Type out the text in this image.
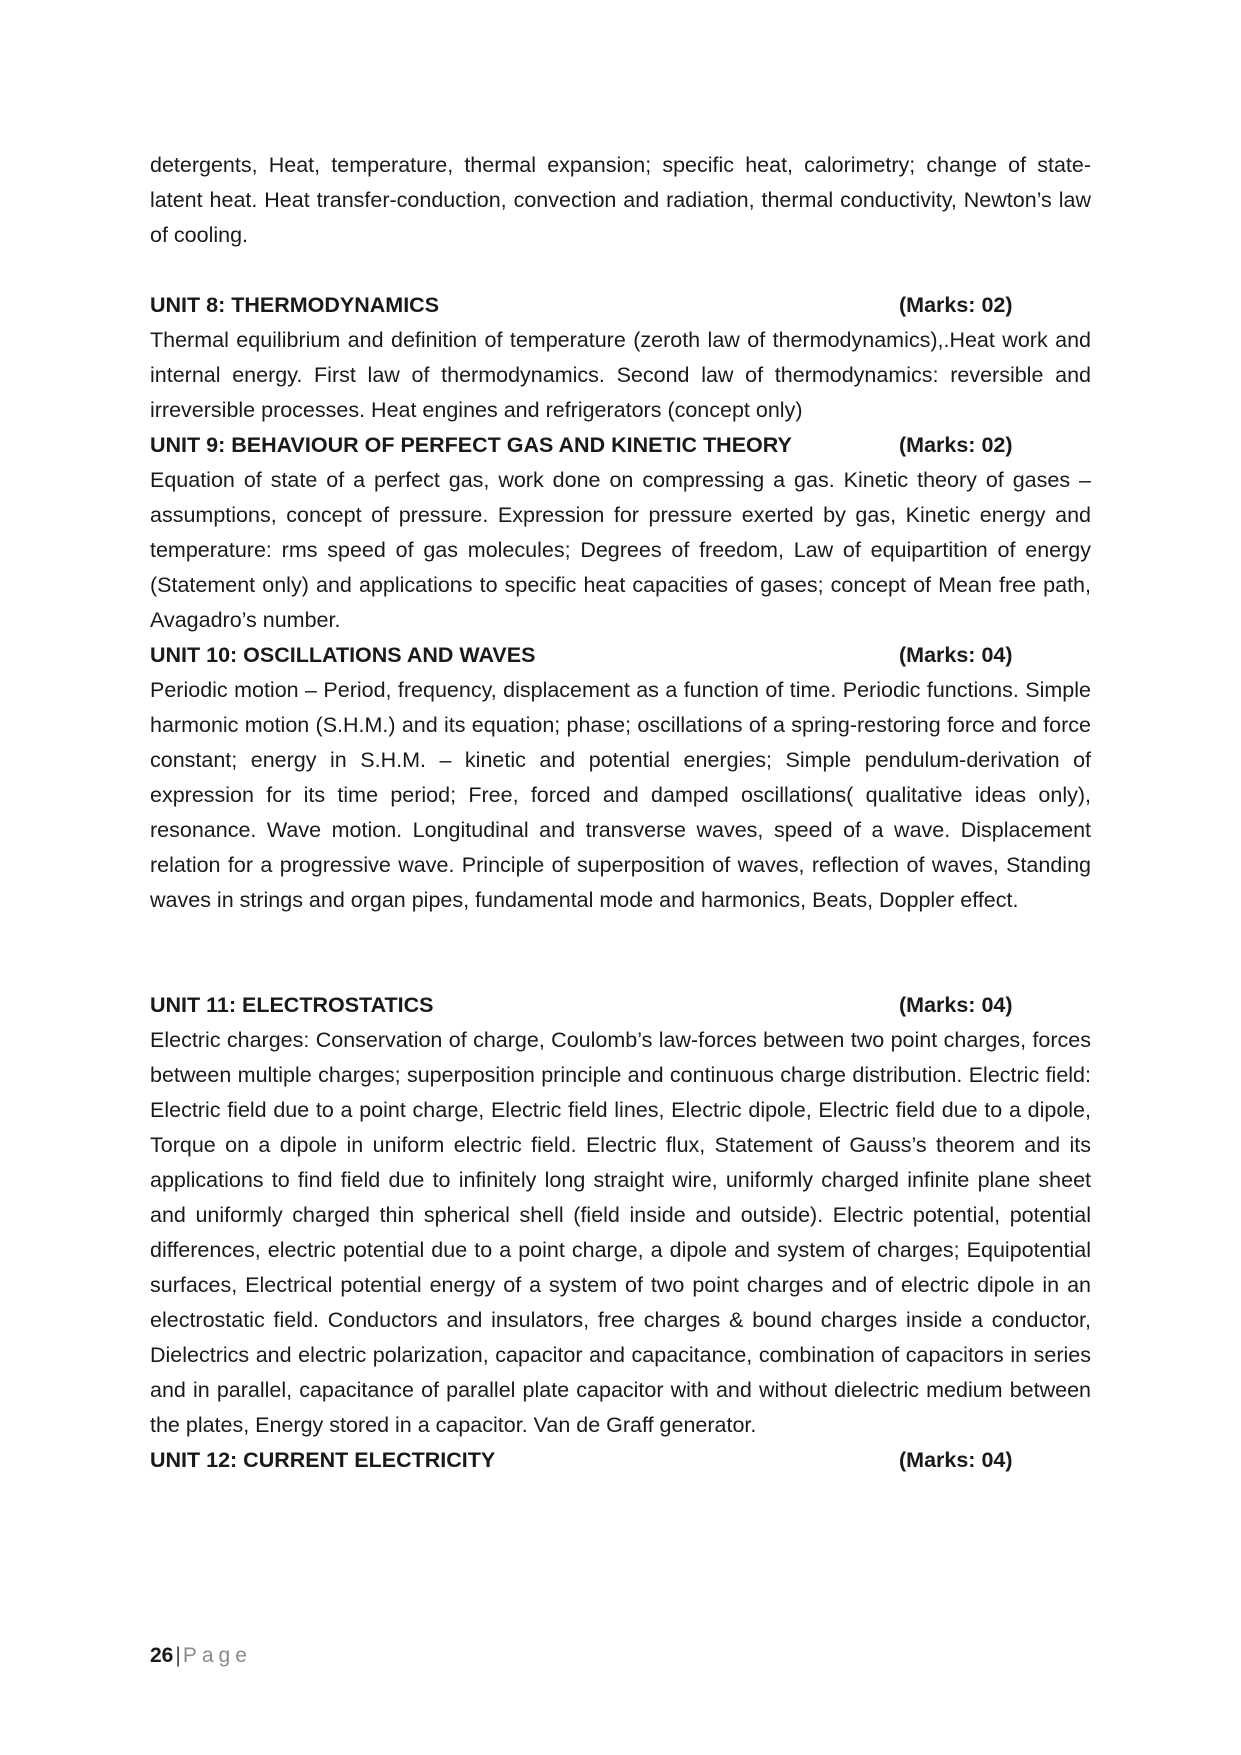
detergents, Heat, temperature, thermal expansion; specific heat, calorimetry; change of state-latent heat. Heat transfer-conduction, convection and radiation, thermal conductivity, Newton’s law of cooling.

UNIT 8: THERMODYNAMICS	(Marks: 02)

Thermal equilibrium and definition of temperature (zeroth law of thermodynamics),.Heat work and internal energy. First law of thermodynamics. Second law of thermodynamics: reversible and irreversible processes. Heat engines and refrigerators (concept only)

UNIT 9: BEHAVIOUR OF PERFECT GAS AND KINETIC THEORY	(Marks: 02)

Equation of state of a perfect gas, work done on compressing a gas. Kinetic theory of gases – assumptions, concept of pressure. Expression for pressure exerted by gas, Kinetic energy and temperature: rms speed of gas molecules; Degrees of freedom, Law of equipartition of energy (Statement only) and applications to specific heat capacities of gases; concept of Mean free path, Avagadro’s number.

UNIT 10: OSCILLATIONS AND WAVES	(Marks: 04)

Periodic motion – Period, frequency, displacement as a function of time. Periodic functions. Simple harmonic motion (S.H.M.) and its equation; phase; oscillations of a spring-restoring force and force constant; energy in S.H.M. – kinetic and potential energies; Simple pendulum-derivation of expression for its time period; Free, forced and damped oscillations( qualitative ideas only), resonance. Wave motion. Longitudinal and transverse waves, speed of a wave. Displacement relation for a progressive wave. Principle of superposition of waves, reflection of waves, Standing waves in strings and organ pipes, fundamental mode and harmonics, Beats, Doppler effect.

UNIT 11: ELECTROSTATICS	(Marks: 04)

Electric charges: Conservation of charge, Coulomb’s law-forces between two point charges, forces between multiple charges; superposition principle and continuous charge distribution. Electric field: Electric field due to a point charge, Electric field lines, Electric dipole, Electric field due to a dipole, Torque on a dipole in uniform electric field. Electric flux, Statement of Gauss’s theorem and its applications to find field due to infinitely long straight wire, uniformly charged infinite plane sheet and uniformly charged thin spherical shell (field inside and outside). Electric potential, potential differences, electric potential due to a point charge, a dipole and system of charges; Equipotential surfaces, Electrical potential energy of a system of two point charges and of electric dipole in an electrostatic field. Conductors and insulators, free charges & bound charges inside a conductor, Dielectrics and electric polarization, capacitor and capacitance, combination of capacitors in series and in parallel, capacitance of parallel plate capacitor with and without dielectric medium between the plates, Energy stored in a capacitor. Van de Graff generator.

UNIT 12: CURRENT ELECTRICITY	(Marks: 04)
26|Page
